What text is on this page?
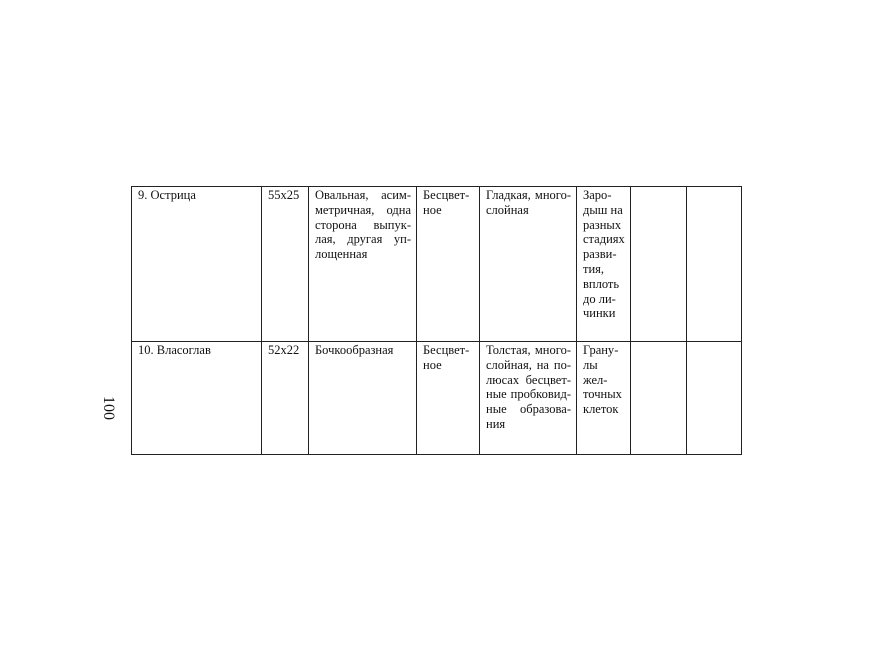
100
9. Острица	55х25	Овальная, асимметричная, одна сторона выпуклая, другая уплощенная	Бесцветное	Гладкая, многослойная	Зародыш на разных стадиях развития, вплоть до личинки		
10. Власоглав	52х22	Бочкообразная	Бесцветное	Толстая, многослойная, на полюсах бесцветные пробковидные образования	Гранулы желточных клеток		
